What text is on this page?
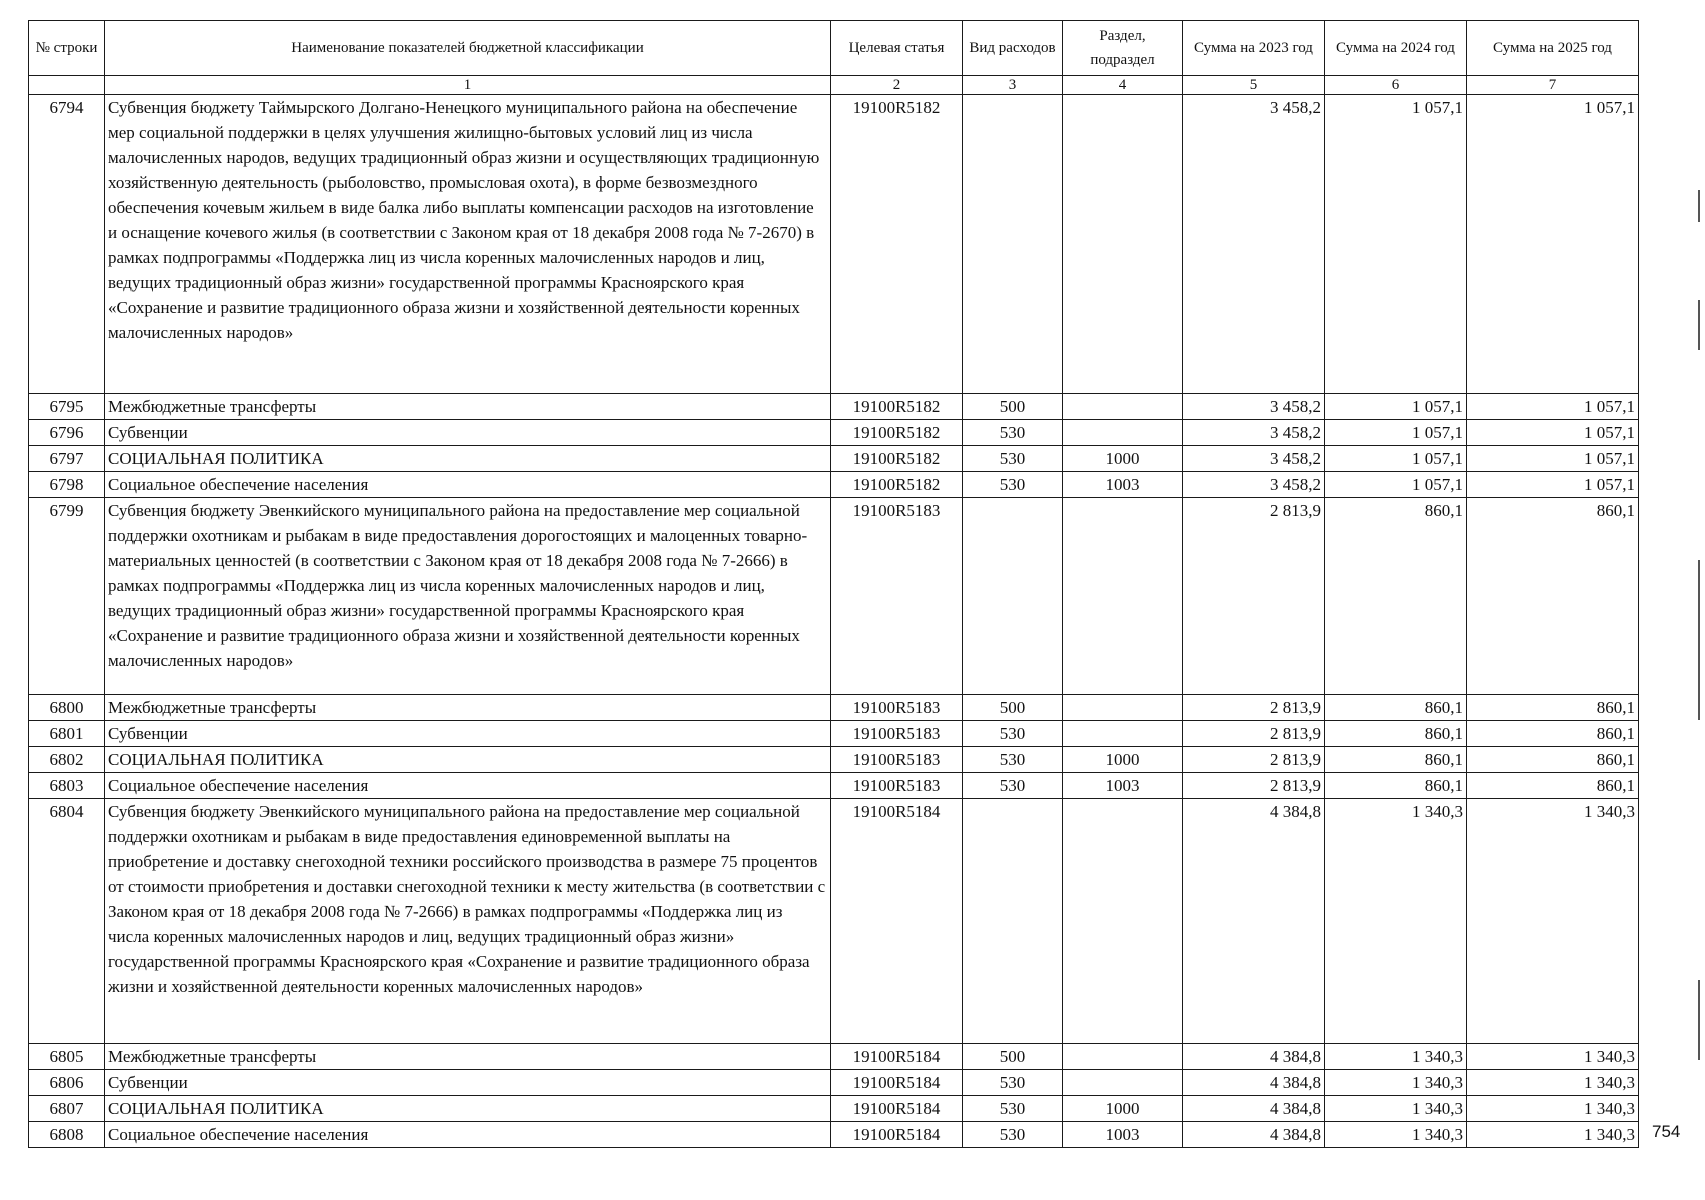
№ строки	Наименование показателей бюджетной классификации	Целевая статья	Вид расходов	Раздел, подраздел	Сумма на 2023 год	Сумма на 2024 год	Сумма на 2025 год
	1	2	3	4	5	6	7
6794	Субвенция бюджету Таймырского Долгано-Ненецкого муниципального района на обеспечение мер социальной поддержки в целях улучшения жилищно-бытовых условий лиц из числа малочисленных народов, ведущих традиционный образ жизни и осуществляющих традиционную хозяйственную деятельность (рыболовство, промысловая охота), в форме безвозмездного обеспечения кочевым жильем в виде балка либо выплаты компенсации расходов на изготовление и оснащение кочевого жилья (в соответствии с Законом края от 18 декабря 2008 года № 7-2670) в рамках подпрограммы «Поддержка лиц из числа коренных малочисленных народов и лиц, ведущих традиционный образ жизни» государственной программы Красноярского края «Сохранение и развитие традиционного образа жизни и хозяйственной деятельности коренных малочисленных народов»	19100R5182			3 458,2	1 057,1	1 057,1
6795	Межбюджетные трансферты	19100R5182	500		3 458,2	1 057,1	1 057,1
6796	Субвенции	19100R5182	530		3 458,2	1 057,1	1 057,1
6797	СОЦИАЛЬНАЯ ПОЛИТИКА	19100R5182	530	1000	3 458,2	1 057,1	1 057,1
6798	Социальное обеспечение населения	19100R5182	530	1003	3 458,2	1 057,1	1 057,1
6799	Субвенция бюджету Эвенкийского муниципального района на предоставление мер социальной поддержки охотникам и рыбакам в виде предоставления дорогостоящих и малоценных товарно-материальных ценностей (в соответствии с Законом края от 18 декабря 2008 года № 7-2666) в рамках подпрограммы «Поддержка лиц из числа коренных малочисленных народов и лиц, ведущих традиционный образ жизни» государственной программы Красноярского края «Сохранение и развитие традиционного образа жизни и хозяйственной деятельности коренных малочисленных народов»	19100R5183			2 813,9	860,1	860,1
6800	Межбюджетные трансферты	19100R5183	500		2 813,9	860,1	860,1
6801	Субвенции	19100R5183	530		2 813,9	860,1	860,1
6802	СОЦИАЛЬНАЯ ПОЛИТИКА	19100R5183	530	1000	2 813,9	860,1	860,1
6803	Социальное обеспечение населения	19100R5183	530	1003	2 813,9	860,1	860,1
6804	Субвенция бюджету Эвенкийского муниципального района на предоставление мер социальной поддержки охотникам и рыбакам в виде предоставления единовременной выплаты на приобретение и доставку снегоходной техники российского производства в размере 75 процентов от стоимости приобретения и доставки снегоходной техники к месту жительства (в соответствии с Законом края от 18 декабря 2008 года № 7-2666) в рамках подпрограммы «Поддержка лиц из числа коренных малочисленных народов и лиц, ведущих традиционный образ жизни» государственной программы Красноярского края «Сохранение и развитие традиционного образа жизни и хозяйственной деятельности коренных малочисленных народов»	19100R5184			4 384,8	1 340,3	1 340,3
6805	Межбюджетные трансферты	19100R5184	500		4 384,8	1 340,3	1 340,3
6806	Субвенции	19100R5184	530		4 384,8	1 340,3	1 340,3
6807	СОЦИАЛЬНАЯ ПОЛИТИКА	19100R5184	530	1000	4 384,8	1 340,3	1 340,3
6808	Социальное обеспечение населения	19100R5184	530	1003	4 384,8	1 340,3	1 340,3 754
